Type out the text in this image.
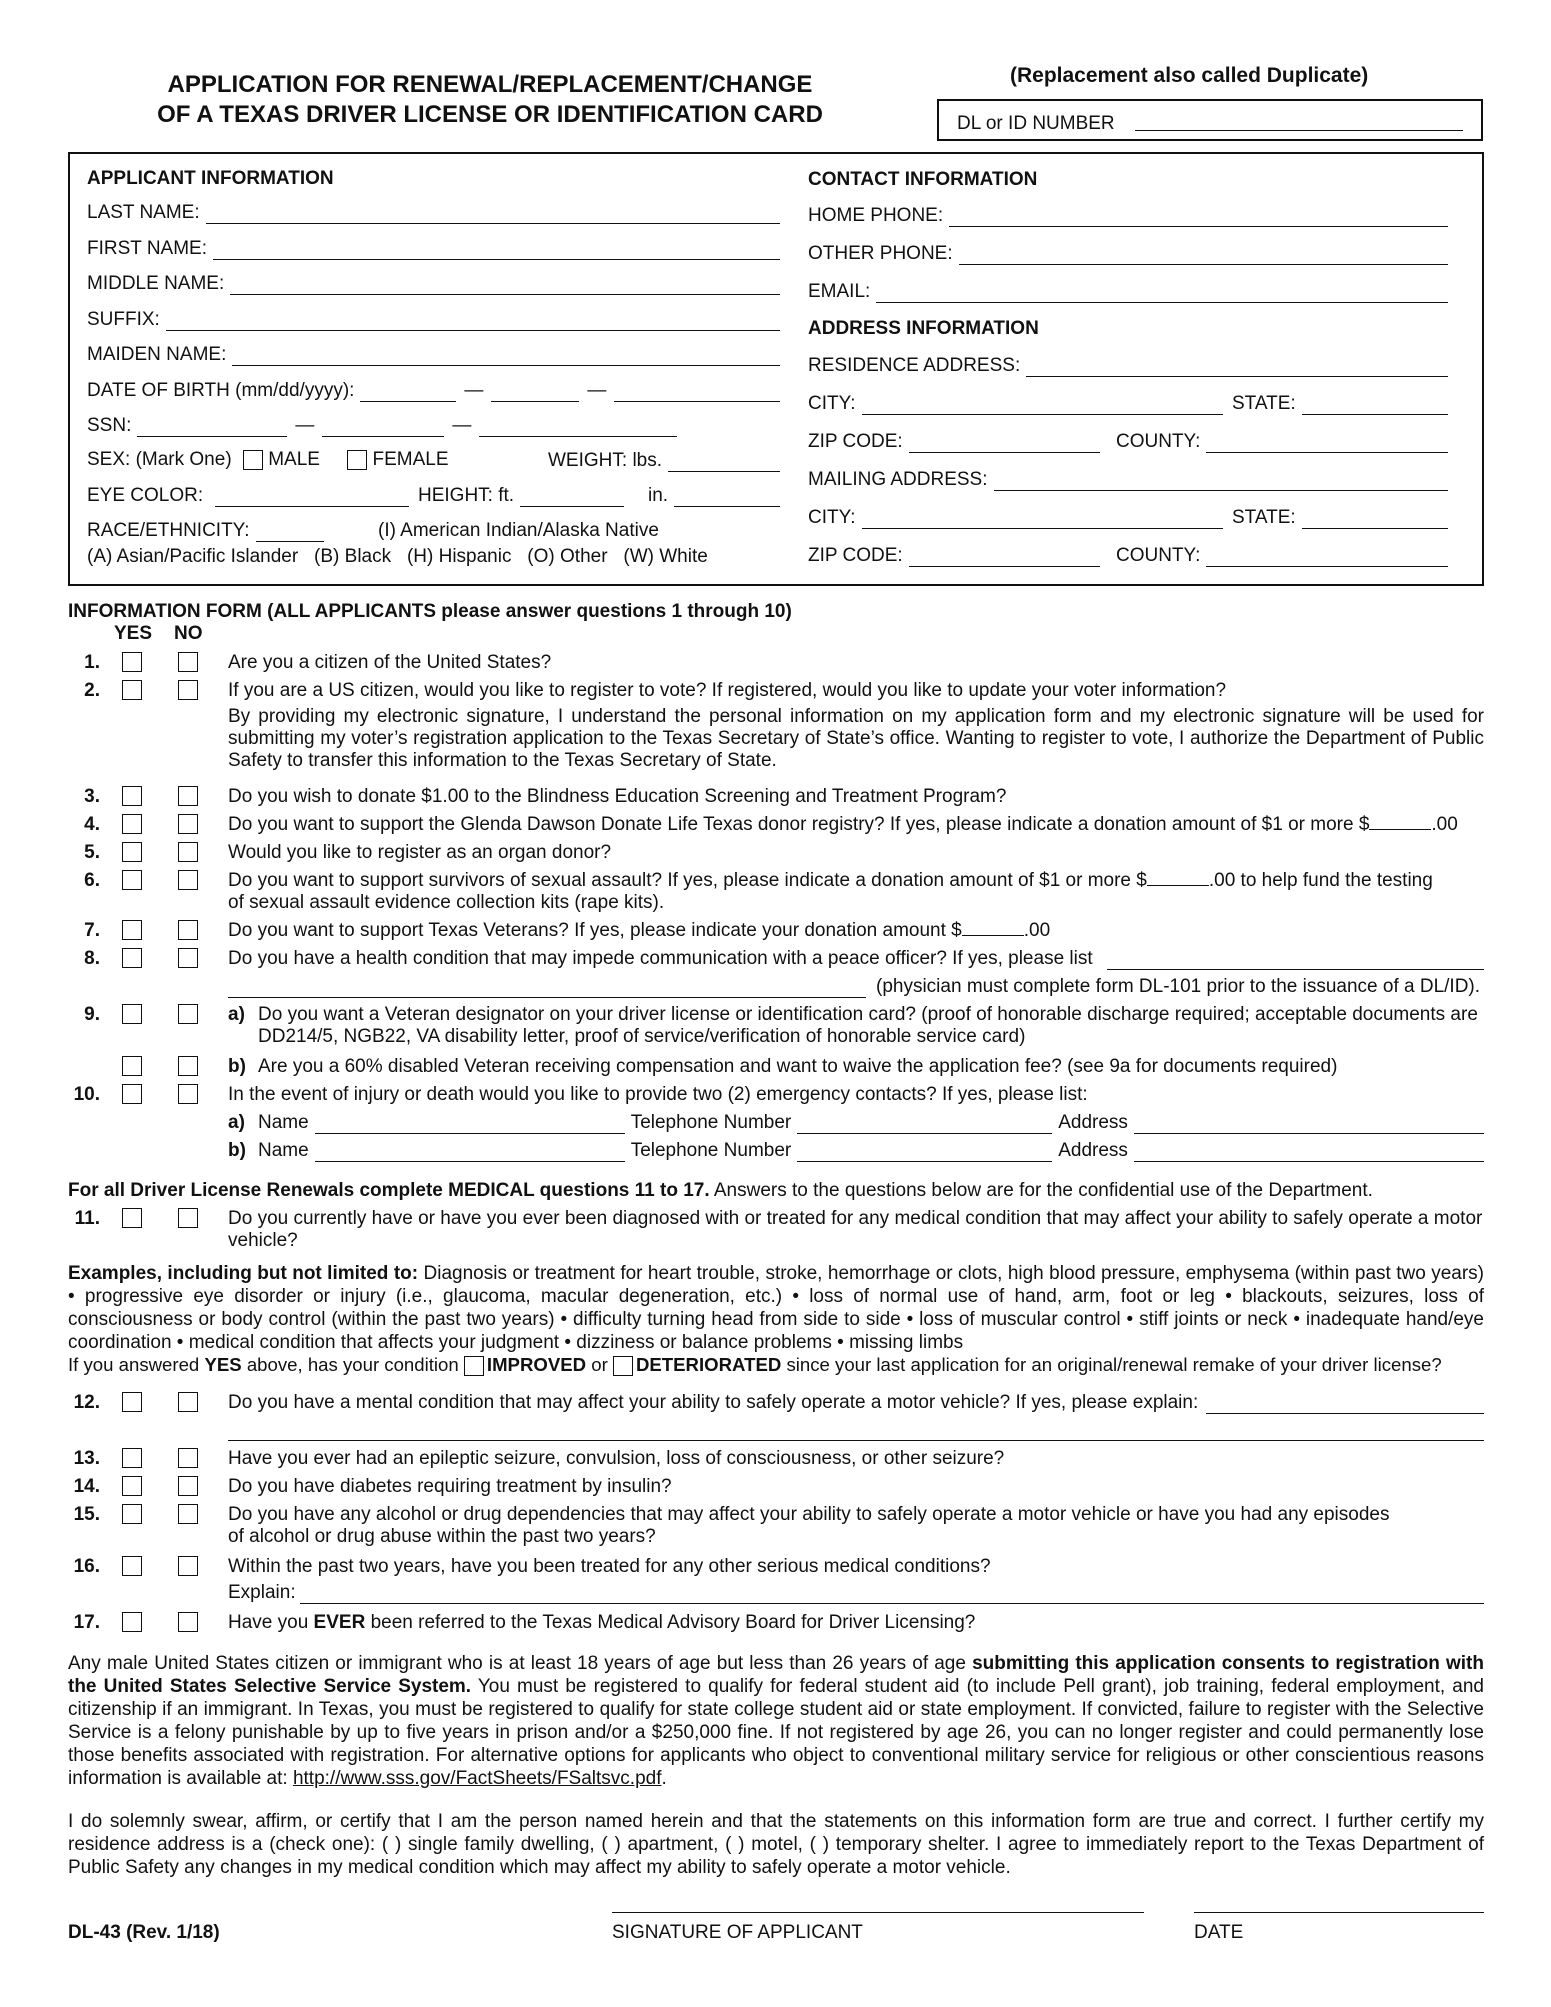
APPLICATION FOR RENEWAL/REPLACEMENT/CHANGE
OF A TEXAS DRIVER LICENSE OR IDENTIFICATION CARD
(Replacement also called Duplicate)
DL or ID NUMBER
APPLICANT INFORMATION
LAST NAME:
FIRST NAME:
MIDDLE NAME:
SUFFIX:
MAIDEN NAME:
DATE OF BIRTH (mm/dd/yyyy):	—	—
SSN:	—	—
SEX: (Mark One) MALE	FEMALE	WEIGHT: lbs.
EYE COLOR:	HEIGHT: ft.	in.
RACE/ETHNICITY:	(I) American Indian/Alaska Native
(A) Asian/Pacific Islander   (B) Black   (H) Hispanic   (O) Other   (W) White
CONTACT INFORMATION
HOME PHONE:
OTHER PHONE:
EMAIL:
ADDRESS INFORMATION
RESIDENCE ADDRESS:
CITY:	STATE:
ZIP CODE:	COUNTY:
MAILING ADDRESS:
CITY:	STATE:
ZIP CODE:	COUNTY:
INFORMATION FORM (ALL APPLICANTS please answer questions 1 through 10)
YES NO
1.	Are you a citizen of the United States?
2.	If you are a US citizen, would you like to register to vote? If registered, would you like to update your voter information?
By providing my electronic signature, I understand the personal information on my application form and my electronic signature will be used for submitting my voter’s registration application to the Texas Secretary of State’s office. Wanting to register to vote, I authorize the Department of Public Safety to transfer this information to the Texas Secretary of State.
3.	Do you wish to donate $1.00 to the Blindness Education Screening and Treatment Program?
4.	Do you want to support the Glenda Dawson Donate Life Texas donor registry? If yes, please indicate a donation amount of $1 or more $	.00
5.	Would you like to register as an organ donor?
6.	Do you want to support survivors of sexual assault? If yes, please indicate a donation amount of $1 or more $	.00 to help fund the testing
of sexual assault evidence collection kits (rape kits).
7.	Do you want to support Texas Veterans? If yes, please indicate your donation amount $	.00
8.	Do you have a health condition that may impede communication with a peace officer? If yes, please list
(physician must complete form DL-101 prior to the issuance of a DL/ID).
9.	a) Do you want a Veteran designator on your driver license or identification card? (proof of honorable discharge required; acceptable documents are DD214/5, NGB22, VA disability letter, proof of service/verification of honorable service card)
b) Are you a 60% disabled Veteran receiving compensation and want to waive the application fee? (see 9a for documents required)
10.	In the event of injury or death would you like to provide two (2) emergency contacts? If yes, please list:
a) Name	Telephone Number	Address
b) Name	Telephone Number	Address
For all Driver License Renewals complete MEDICAL questions 11 to 17. Answers to the questions below are for the confidential use of the Department.
11.	Do you currently have or have you ever been diagnosed with or treated for any medical condition that may affect your ability to safely operate a motor vehicle?

Examples, including but not limited to: Diagnosis or treatment for heart trouble, stroke, hemorrhage or clots, high blood pressure, emphysema (within past two years) • progressive eye disorder or injury (i.e., glaucoma, macular degeneration, etc.) • loss of normal use of hand, arm, foot or leg • blackouts, seizures, loss of consciousness or body control (within the past two years) • difficulty turning head from side to side • loss of muscular control • stiff joints or neck • inadequate hand/eye coordination • medical condition that affects your judgment • dizziness or balance problems • missing limbs

If you answered YES above, has your condition IMPROVED or DETERIORATED since your last application for an original/renewal remake of your driver license?
12.	Do you have a mental condition that may affect your ability to safely operate a motor vehicle? If yes, please explain:
13.	Have you ever had an epileptic seizure, convulsion, loss of consciousness, or other seizure?
14.	Do you have diabetes requiring treatment by insulin?
15.	Do you have any alcohol or drug dependencies that may affect your ability to safely operate a motor vehicle or have you had any episodes of alcohol or drug abuse within the past two years?
16.	Within the past two years, have you been treated for any other serious medical conditions?
Explain:
17.	Have you EVER been referred to the Texas Medical Advisory Board for Driver Licensing?

Any male United States citizen or immigrant who is at least 18 years of age but less than 26 years of age submitting this application consents to registration with the United States Selective Service System. You must be registered to qualify for federal student aid (to include Pell grant), job training, federal employment, and citizenship if an immigrant. In Texas, you must be registered to qualify for state college student aid or state employment. If convicted, failure to register with the Selective Service is a felony punishable by up to five years in prison and/or a $250,000 fine. If not registered by age 26, you can no longer register and could permanently lose those benefits associated with registration. For alternative options for applicants who object to conventional military service for religious or other conscientious reasons information is available at: http://www.sss.gov/FactSheets/FSaltsvc.pdf.

I do solemnly swear, affirm, or certify that I am the person named herein and that the statements on this information form are true and correct. I further certify my residence address is a (check one): ( ) single family dwelling, ( ) apartment, ( ) motel, ( ) temporary shelter. I agree to immediately report to the Texas Department of Public Safety any changes in my medical condition which may affect my ability to safely operate a motor vehicle.

DL-43 (Rev. 1/18)	SIGNATURE OF APPLICANT	DATE
